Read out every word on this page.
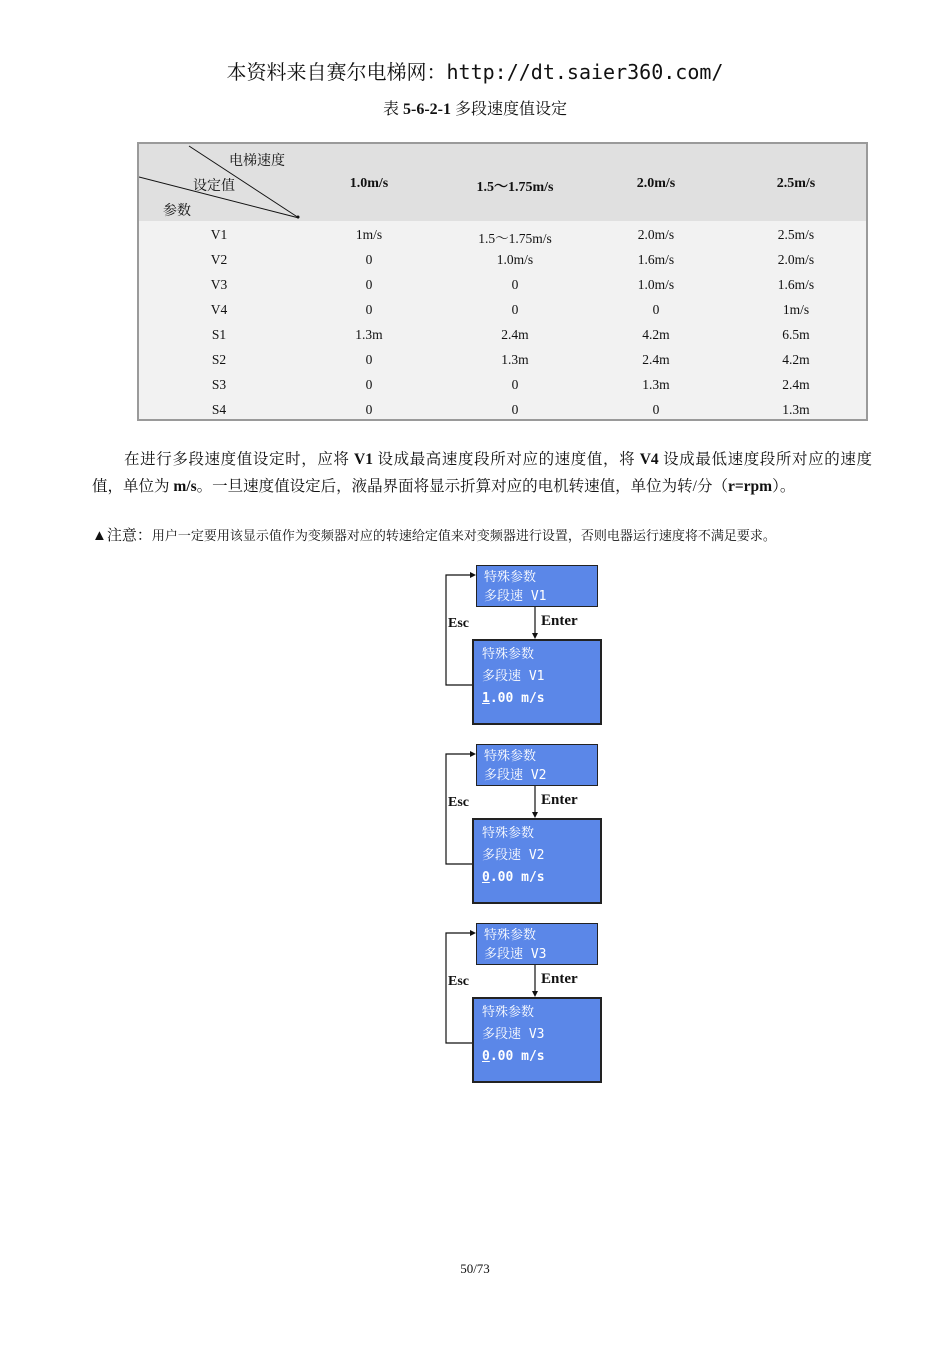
本资料来自赛尔电梯网：http://dt.saier360.com/
表 5-6-2-1 多段速度值设定
电梯速度
设定值
参数
1.0m/s	1.5～1.75m/s	2.0m/s	2.5m/s
V1	1m/s	1.5～1.75m/s	2.0m/s	2.5m/s
V2	0	1.0m/s	1.6m/s	2.0m/s
V3	0	0	1.0m/s	1.6m/s
V4	0	0	0	1m/s
S1	1.3m	2.4m	4.2m	6.5m
S2	0	1.3m	2.4m	4.2m
S3	0	0	1.3m	2.4m
S4	0	0	0	1.3m
在进行多段速度值设定时，应将 V1 设成最高速度段所对应的速度值，将 V4 设成最低速度段所对应的速度值，单位为 m/s。一旦速度值设定后，液晶界面将显示折算对应的电机转速值，单位为转/分（r=rpm）。
▲注意：用户一定要用该显示值作为变频器对应的转速给定值来对变频器进行设置，否则电器运行速度将不满足要求。
特殊参数
多段速 V1
Esc	Enter
特殊参数
多段速 V1
1.00 m/s
特殊参数
多段速 V2
Esc	Enter
特殊参数
多段速 V2
0.00 m/s
特殊参数
多段速 V3
Esc	Enter
特殊参数
多段速 V3
0.00 m/s
50/73
